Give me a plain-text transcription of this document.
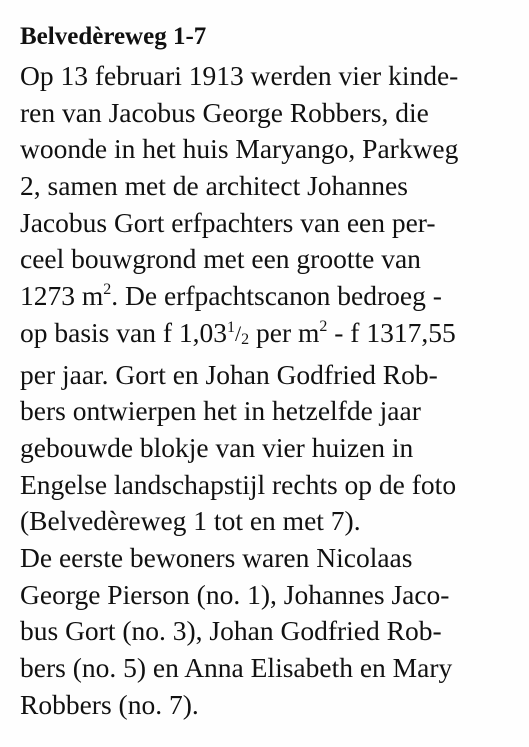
Belvedèreweg 1-7
Op 13 februari 1913 werden vier kinde-
ren van Jacobus George Robbers, die
woonde in het huis Maryango, Parkweg
2, samen met de architect Johannes
Jacobus Gort erfpachters van een per-
ceel bouwgrond met een grootte van
1273 $m^2$. De erfpachtscanon bedroeg -
op basis van f 1,031/2 per $m^2$ - f 1317,55
per jaar. Gort en Johan Godfried Rob-
bers ontwierpen het in hetzelfde jaar
gebouwde blokje van vier huizen in
Engelse landschapstijl rechts op de foto
(Belvedèreweg 1 tot en met 7).
De eerste bewoners waren Nicolaas
George Pierson (no. 1), Johannes Jaco-
bus Gort (no. 3), Johan Godfried Rob-
bers (no. 5) en Anna Elisabeth en Mary
Robbers (no. 7).
